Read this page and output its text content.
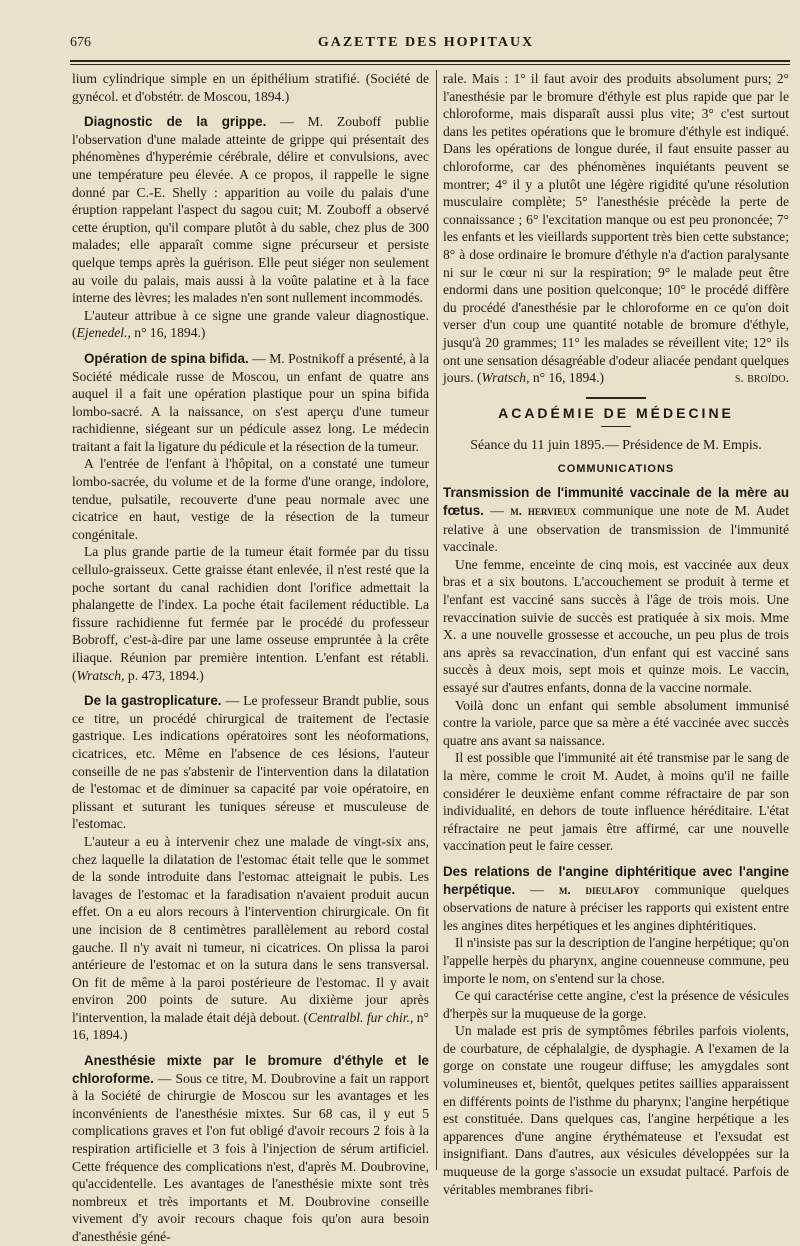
676	GAZETTE DES HOPITAUX

lium cylindrique simple en un épithélium stratifié. (Société de gynécol. et d'obstétr. de Moscou, 1894.)

Diagnostic de la grippe. — M. Zouboff publie l'observation d'une malade atteinte de grippe qui présentait des phénomènes d'hyperémie cérébrale, délire et convulsions, avec une température peu élevée. A ce propos, il rappelle le signe donné par C.-E. Shelly : apparition au voile du palais d'une éruption rappelant l'aspect du sagou cuit; M. Zouboff a observé cette éruption, qu'il compare plutôt à du sable, chez plus de 300 malades; elle apparaît comme signe précurseur et persiste quelque temps après la guérison. Elle peut siéger non seulement au voile du palais, mais aussi à la voûte palatine et à la face interne des lèvres; les malades n'en sont nullement incommodés.

L'auteur attribue à ce signe une grande valeur diagnostique. (Ejenedel., n° 16, 1894.)

Opération de spina bifida. — M. Postnikoff a présenté, à la Société médicale russe de Moscou, un enfant de quatre ans auquel il a fait une opération plastique pour un spina bifida lombo-sacré. A la naissance, on s'est aperçu d'une tumeur rachidienne, siégeant sur un pédicule assez long. Le médecin traitant a fait la ligature du pédicule et la résection de la tumeur.

A l'entrée de l'enfant à l'hôpital, on a constaté une tumeur lombo-sacrée, du volume et de la forme d'une orange, indolore, tendue, pulsatile, recouverte d'une peau normale avec une cicatrice en haut, vestige de la résection de la tumeur congénitale.

La plus grande partie de la tumeur était formée par du tissu cellulo-graisseux. Cette graisse étant enlevée, il n'est resté que la poche sortant du canal rachidien dont l'orifice admettait la phalangette de l'index. La poche était facilement réductible. La fissure rachidienne fut fermée par le procédé du professeur Bobroff, c'est-à-dire par une lame osseuse empruntée à la crête iliaque. Réunion par première intention. L'enfant est rétabli. (Wratsch, p. 473, 1894.)

De la gastroplicature. — Le professeur Brandt publie, sous ce titre, un procédé chirurgical de traitement de l'ectasie gastrique. Les indications opératoires sont les néoformations, cicatrices, etc. Même en l'absence de ces lésions, l'auteur conseille de ne pas s'abstenir de l'intervention dans la dilatation de l'estomac et de diminuer sa capacité par voie opératoire, en plissant et suturant les tuniques séreuse et musculeuse de l'estomac.

L'auteur a eu à intervenir chez une malade de vingt-six ans, chez laquelle la dilatation de l'estomac était telle que le sommet de la sonde introduite dans l'estomac atteignait le pubis. Les lavages de l'estomac et la faradisation n'avaient produit aucun effet. On a eu alors recours à l'intervention chirurgicale. On fit une incision de 8 centimètres parallèlement au rebord costal gauche. Il n'y avait ni tumeur, ni cicatrices. On plissa la paroi antérieure de l'estomac et on la sutura dans le sens transversal. On fit de même à la paroi postérieure de l'estomac. Il y avait environ 200 points de suture. Au dixième jour après l'intervention, la malade était déjà debout. (Centralbl. fur chir., n° 16, 1894.)

Anesthésie mixte par le bromure d'éthyle et le chloroforme. — Sous ce titre, M. Doubrovine a fait un rapport à la Société de chirurgie de Moscou sur les avantages et les inconvénients de l'anesthésie mixtes. Sur 68 cas, il y eut 5 complications graves et l'on fut obligé d'avoir recours 2 fois à la respiration artificielle et 3 fois à l'injection de sérum artificiel. Cette fréquence des complications n'est, d'après M. Doubrovine, qu'accidentelle. Les avantages de l'anesthésie mixte sont très nombreux et très importants et M. Doubrovine conseille vivement d'y avoir recours chaque fois qu'on aura besoin d'anesthésie géné-

rale. Mais : 1° il faut avoir des produits absolument purs; 2° l'anesthésie par le bromure d'éthyle est plus rapide que par le chloroforme, mais disparaît aussi plus vite; 3° c'est surtout dans les petites opérations que le bromure d'éthyle est indiqué. Dans les opérations de longue durée, il faut ensuite passer au chloroforme, car des phénomènes inquiétants peuvent se montrer; 4° il y a plutôt une légère rigidité qu'une résolution musculaire complète; 5° l'anesthésie précède la perte de connaissance ; 6° l'excitation manque ou est peu prononcée; 7° les enfants et les vieillards supportent très bien cette substance; 8° à dose ordinaire le bromure d'éthyle n'a d'action paralysante ni sur le cœur ni sur la respiration; 9° le malade peut être endormi dans une position quelconque; 10° le procédé diffère du procédé d'anesthésie par le chloroforme en ce qu'on doit verser d'un coup une quantité notable de bromure d'éthyle, jusqu'à 20 grammes; 11° les malades se réveillent vite; 12° ils ont une sensation désagréable d'odeur aliacée pendant quelques jours. (Wratsch, n° 16, 1894.)	s. broïdo.

ACADÉMIE DE MÉDECINE
Séance du 11 juin 1895.— Présidence de M. Empis.
COMMUNICATIONS

Transmission de l'immunité vaccinale de la mère au fœtus. — m. hervieux communique une note de M. Audet relative à une observation de transmission de l'immunité vaccinale.

Une femme, enceinte de cinq mois, est vaccinée aux deux bras et a six boutons. L'accouchement se produit à terme et l'enfant est vacciné sans succès à l'âge de trois mois. Une revaccination suivie de succès est pratiquée à six mois. Mme X. a une nouvelle grossesse et accouche, un peu plus de trois ans après sa revaccination, d'un enfant qui est vacciné sans succès à deux mois, sept mois et quinze mois. Le vaccin, essayé sur d'autres enfants, donna de la vaccine normale.

Voilà donc un enfant qui semble absolument immunisé contre la variole, parce que sa mère a été vaccinée avec succès quatre ans avant sa naissance.

Il est possible que l'immunité ait été transmise par le sang de la mère, comme le croit M. Audet, à moins qu'il ne faille considérer le deuxième enfant comme réfractaire de par son individualité, en dehors de toute influence héréditaire. L'état réfractaire ne peut jamais être affirmé, car une nouvelle vaccination peut le faire cesser.

Des relations de l'angine diphtéritique avec l'angine herpétique. — m. dieulafoy communique quelques observations de nature à préciser les rapports qui existent entre les angines dites herpétiques et les angines diphtéritiques.

Il n'insiste pas sur la description de l'angine herpétique; qu'on l'appelle herpès du pharynx, angine couenneuse commune, peu importe le nom, on s'entend sur la chose.

Ce qui caractérise cette angine, c'est la présence de vésicules d'herpès sur la muqueuse de la gorge.

Un malade est pris de symptômes fébriles parfois violents, de courbature, de céphalalgie, de dysphagie. A l'examen de la gorge on constate une rougeur diffuse; les amygdales sont volumineuses et, bientôt, quelques petites saillies apparaissent en différents points de l'isthme du pharynx; l'angine herpétique est constituée. Dans quelques cas, l'angine herpétique a les apparences d'une angine érythémateuse et l'exsudat est insignifiant. Dans d'autres, aux vésicules développées sur la muqueuse de la gorge s'associe un exsudat pultacé. Parfois de véritables membranes fibri-
